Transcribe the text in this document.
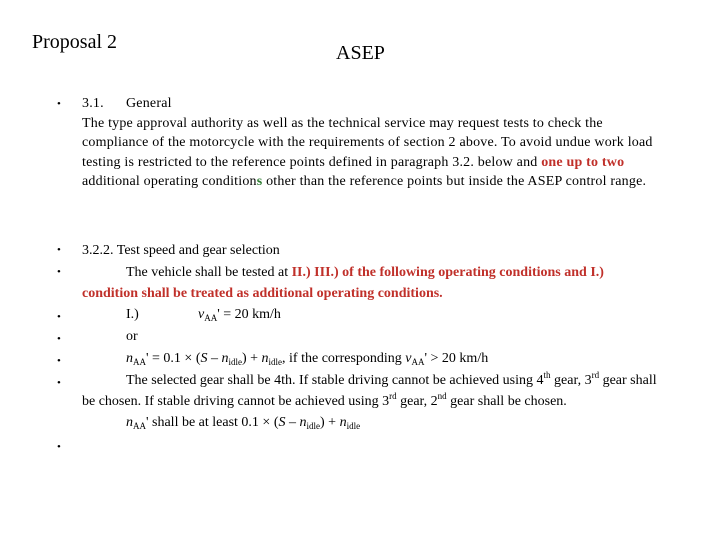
Proposal 2	ASEP
•
•
•
•
•
•
•
•
3.1. General
The type approval authority as well as the technical service may request tests to check the compliance of the motorcycle with the requirements of section 2 above. To avoid undue work load testing is restricted to the reference points defined in paragraph 3.2. below and one up to two additional operating conditions other than the reference points but inside the ASEP control range.
3.2.2. Test speed and gear selection
The vehicle shall be tested at II.) III.) of the following operating conditions and I.) condition shall be treated as additional operating conditions.
I.)	$v_{AA}' = 20$ km/h
or
$n_{AA}' = 0.1 \times (S - n_{idle}) + n_{idle}$, if the corresponding $v_{AA}' > 20$ km/h
The selected gear shall be 4th. If stable driving cannot be achieved using 4th gear, 3rd gear shall be chosen. If stable driving cannot be achieved using 3rd gear, 2nd gear shall be chosen.
$n_{AA}'$ shall be at least $0.1 \times (S - n_{idle}) + n_{idle}$
